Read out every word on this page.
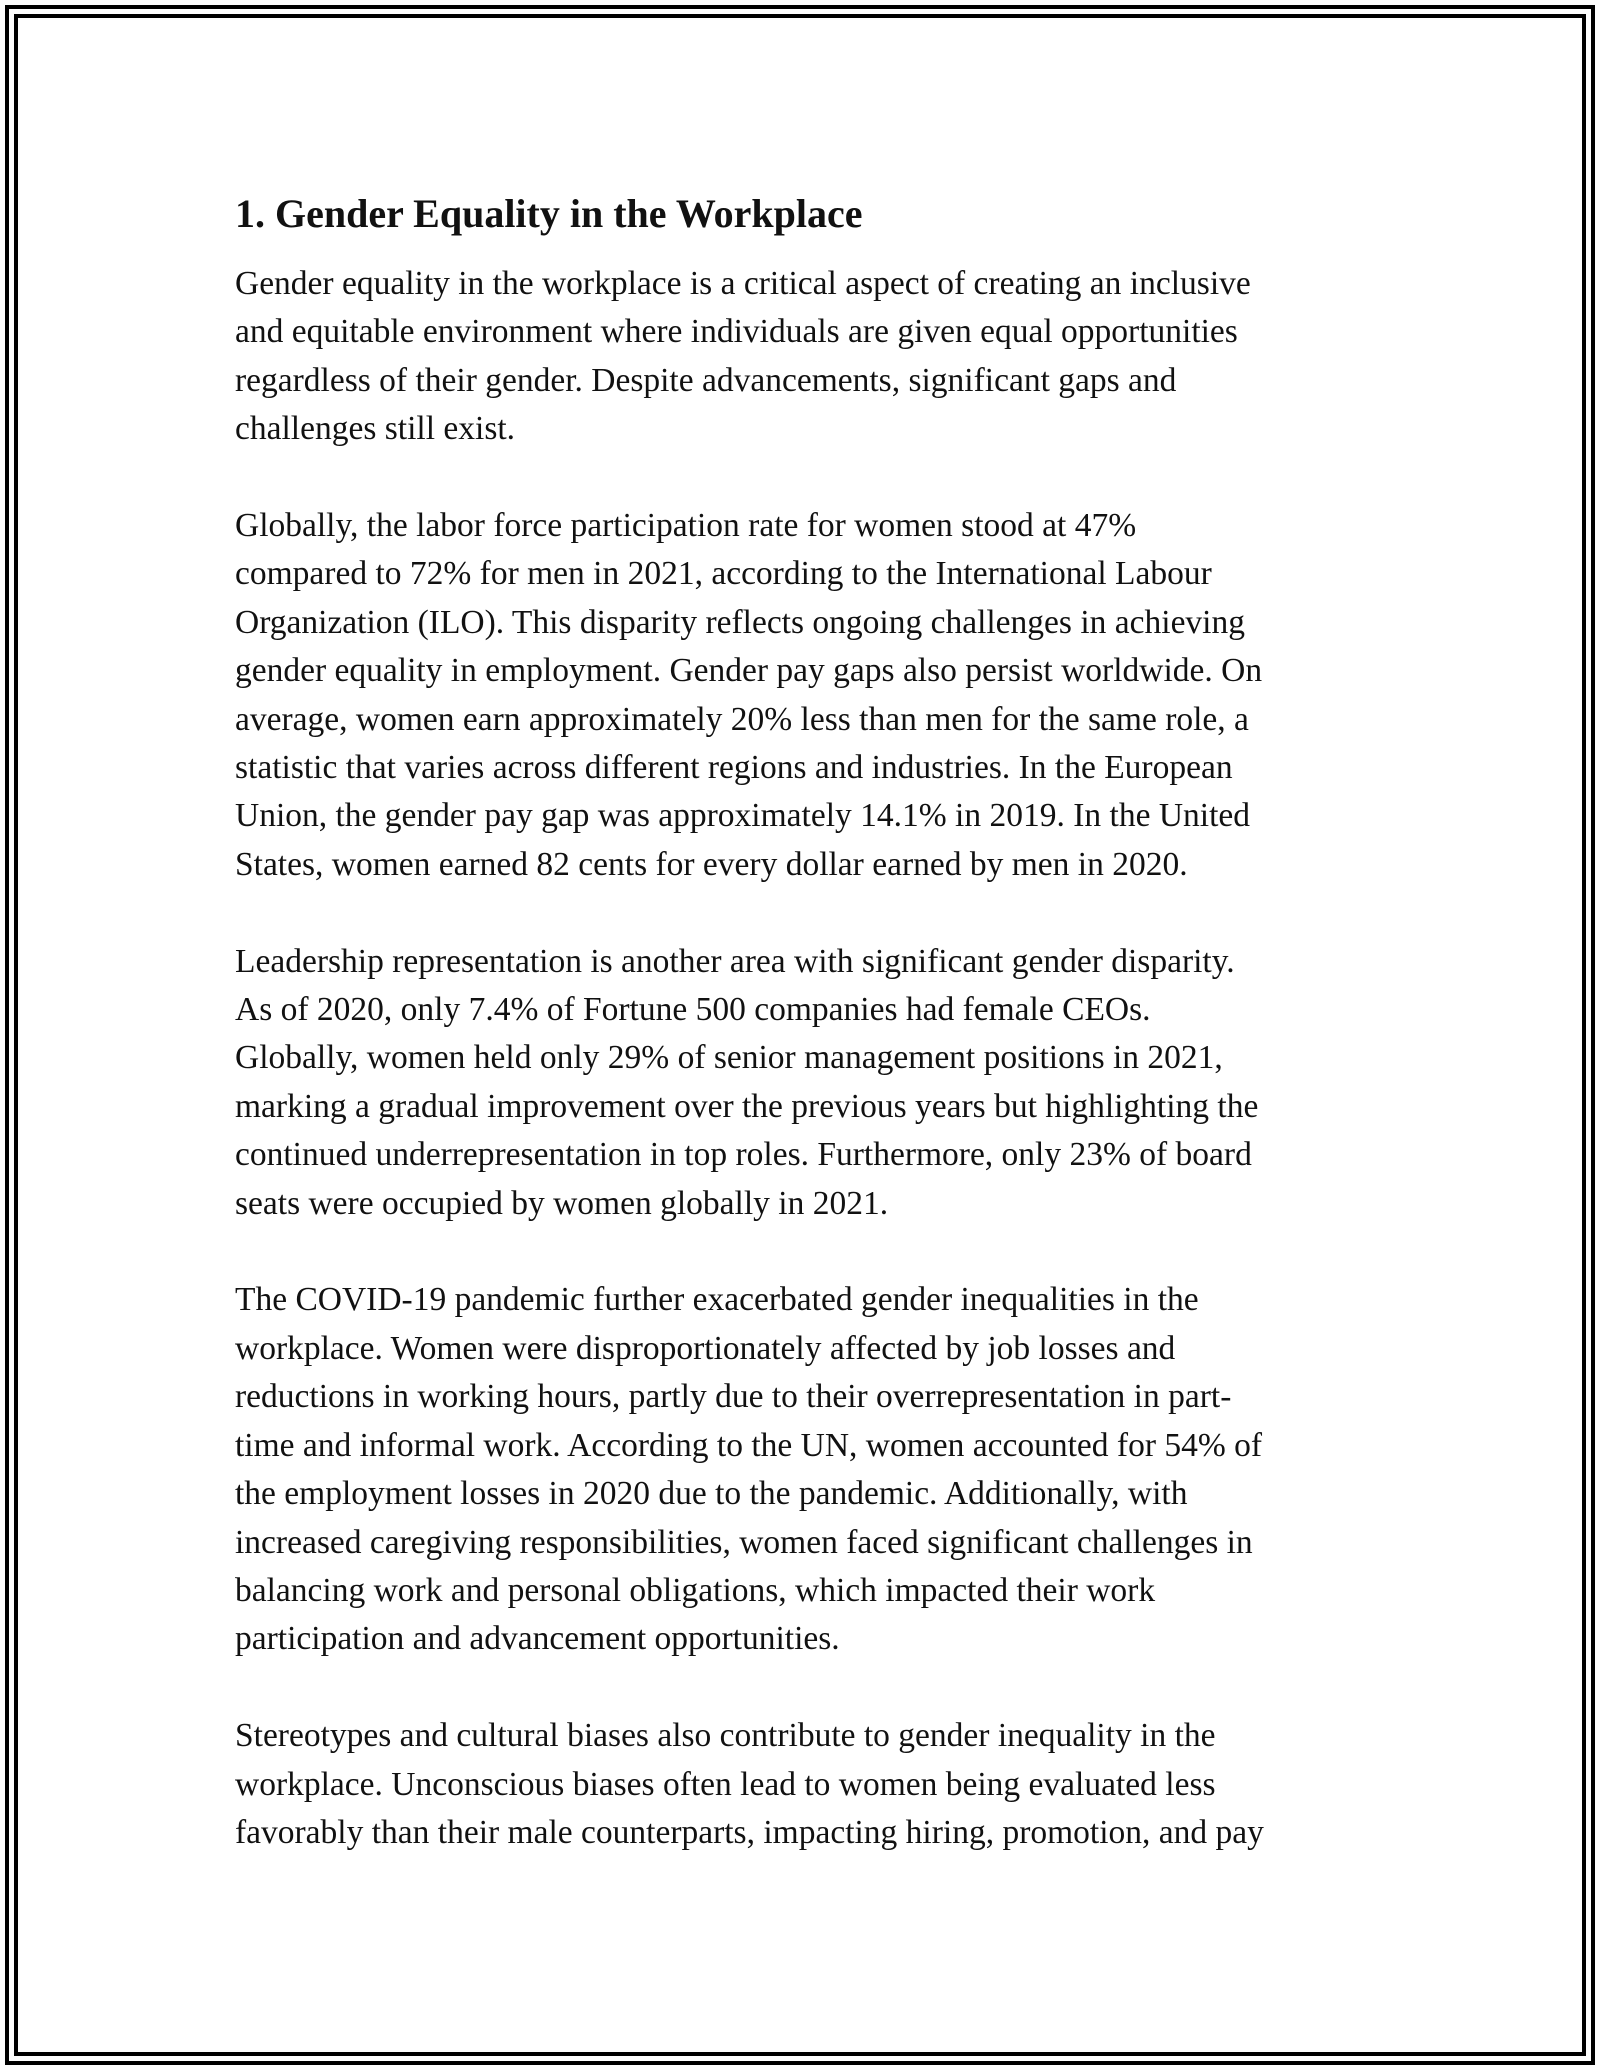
1. Gender Equality in the Workplace
Gender equality in the workplace is a critical aspect of creating an inclusive
and equitable environment where individuals are given equal opportunities
regardless of their gender. Despite advancements, significant gaps and
challenges still exist.
Globally, the labor force participation rate for women stood at 47%
compared to 72% for men in 2021, according to the International Labour
Organization (ILO). This disparity reflects ongoing challenges in achieving
gender equality in employment. Gender pay gaps also persist worldwide. On
average, women earn approximately 20% less than men for the same role, a
statistic that varies across different regions and industries. In the European
Union, the gender pay gap was approximately 14.1% in 2019. In the United
States, women earned 82 cents for every dollar earned by men in 2020.
Leadership representation is another area with significant gender disparity.
As of 2020, only 7.4% of Fortune 500 companies had female CEOs.
Globally, women held only 29% of senior management positions in 2021,
marking a gradual improvement over the previous years but highlighting the
continued underrepresentation in top roles. Furthermore, only 23% of board
seats were occupied by women globally in 2021.
The COVID-19 pandemic further exacerbated gender inequalities in the
workplace. Women were disproportionately affected by job losses and
reductions in working hours, partly due to their overrepresentation in part-
time and informal work. According to the UN, women accounted for 54% of
the employment losses in 2020 due to the pandemic. Additionally, with
increased caregiving responsibilities, women faced significant challenges in
balancing work and personal obligations, which impacted their work
participation and advancement opportunities.
Stereotypes and cultural biases also contribute to gender inequality in the
workplace. Unconscious biases often lead to women being evaluated less
favorably than their male counterparts, impacting hiring, promotion, and pay
